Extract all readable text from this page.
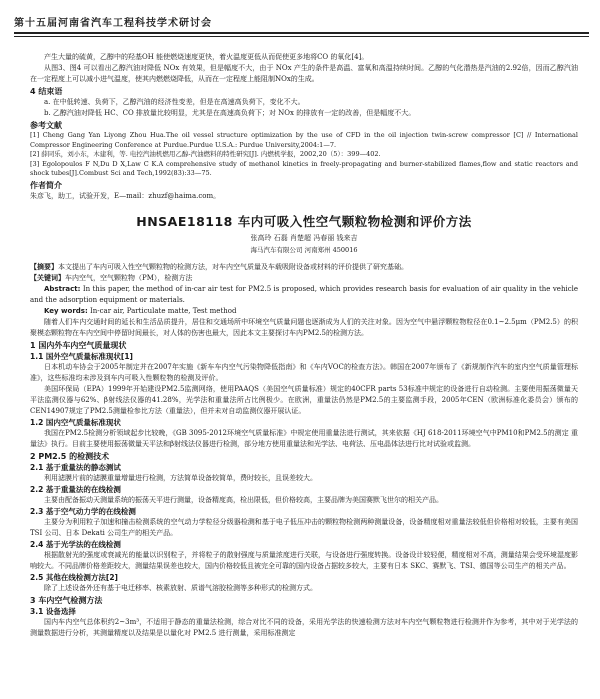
第十五届河南省汽车工程科技学术研讨会

产生大量的硫黄，乙醇中的羟基OH 能使燃烧速度更快，着火温度更低从而促使更多地将CO 的氧化[4]。

从图3、图4 可以看出乙醇汽油对降低 NOx 有效果，但是幅度不大，由于 NOx 产生的条件是高温、富氧和高温持续时间。乙醇的气化潜热是汽油的2.92倍，因而乙醇汽油在一定程度上可以减小进气温度，使其内燃燃烧降低，从而在一定程度上能阻制NOx的生成。

4 结束语

a. 在中低转速、负荷下，乙醇汽油的经济性变差，但是在高速高负荷下，变化不大。

b. 乙醇汽油对降低 HC、CO 排放量比较明显，尤其是在高速高负荷下；对 NOx 的排放有一定的改善，但是幅度不大。

参考文献

[1] Cheng Gang Yan Liyong Zhou Hua.The oil vessel structure optimization by the use of CFD in the oil injection twin-screw compressor [C] // International Compressor Engineering Conference at Purdue.Purdue U.S.A.: Purdue University,2004:1—7.

[2] 薛同乐，刘小东，木建利，等. 电控汽油机燃用乙醇-汽油燃料的特性研究[J]. 内燃机学报，2002,20（5）：399—402.

[3] Egolopoulos F N,Du D X,Law C K.A comprehensive study of methanol kinetics in freely-propagating and burner-stabilized flames,flow and static reactors and shock tubes[J].Combust Sci and Tech,1992(83):33—75.

作者简介

朱彦飞，助工，试验开发，E—mail：zhuzf@haima.com。

HNSAE18118 车内可吸入性空气颗粒物检测和评价方法
张高玲 石磊 肖楚超 冯春丽 钱来吉
海马汽车有限公司 河南郑州 450016

【摘要】本文提出了车内可吸入性空气颗粒物的检测方法，对车内空气质量及车载吸附设备或材料的评价提供了研究基础。

【关键词】车内空气，空气颗粒物（PM），检测方法

Abstract: In this paper, the method of in-car air test for PM2.5 is proposed, which provides research basis for evaluation of air quality in the vehicle and the adsorption equipment or materials.

Key words: In-car air, Particulate matte, Test method

随着人们车内交通时间的延长和生活品质提升，居住和交通场所中环境空气质量问题也逐渐成为人们的关注对象。因为空气中悬浮颗粒物粒径在0.1~2.5μm（PM2.5）的积聚模态颗粒物在车内空间中停留时间最长，对人体的伤害也最大，因此本文主要探讨车内PM2.5的检测方法。

1 国内外车内空气质量现状
1.1 国外空气质量标准现状[1]

日本机动车协会于2005年制定并在2007年实施《新车车内空气污染物降低指南》和《车内VOC的检查方法》。韩国在2007年颁布了《新规制作汽车的室内空气质量管理标准》，这些标准均未涉及到车内可吸入性颗粒物的检测及评价。

美国环保局（EPA）1999年开始建设PM2.5监测网络，使用PAAQS（美国空气质量标准）规定的40CFR parts 53标准中规定的设备进行自动检测。主要使用振荡微量天平法监测仪器与62%、β射线法仪器的41.28%，光学法和重量法所占比例极少。在欧洲，重量法仍然是PM2.5的主要监测手段，2005年CEN（欧洲标准化委员会）颁布的CEN14907规定了PM2.5测量检参比方法（重量法），但并未对自动监测仪器开展认证。

1.2 国内空气质量标准现状

我国在PM2.5检测分析领域起步比较晚，《GB 3095-2012环境空气质量标准》中规定使用重量法进行测试，其来依据《HJ 618-2011环境空气中PM10和PM2.5的测定 重量法》执行。目前主要使用振荡微量天平法和β射线法仪器进行检测，部分地方使用重量法和光学法、电荷法、压电晶体法进行比对试验或监测。

2 PM2.5 的检测技术
2.1 基于重量法的静态测试

利用滤膜片前的滤膜重量增量进行检测，方法简单设备较简单，费时较长，且误差较大。

2.2 基于重量法的在线检测

主要由配备振动天测量系统的振荡天平进行测量，设备精度高，检出限低，但价格较高，主要品牌为美国赛默飞世尔的相关产品。

2.3 基于空气动力学的在线检测

主要分为利用粒子加速和撞击检测系统的空气动力学粒径分级器检测和基于电子低压冲击的颗粒物检测两种测量设备，设备精度相对重量法较低但价格相对较低，主要有美国 TSI 公司、日本 Dekati 公司生产的相关产品。

2.4 基于光学法的在线检测

根据散射光的强度或衰减光的能量以识别粒子，并将粒子的散射强度与质量浓度进行关联，与设备进行强度转换。设备设计较轻便，精度相对不高，测量结果会受环境湿度影响较大。不同品牌价格差距较大，测量结果误差也较大，国内价格较低且被完全可靠的国内设备占据较多较大，主要有日本 SKC、赛默飞、TSI、德国等公司生产的相关产品。

2.5 其他在线检测方法[2]

除了上述设备外还有基于电迁移率、核素放射、质谱气溶胶检测等多种形式的检测方式。

3 车内空气检测方法
3.1 设备选择

国内车内空气总体积约2~3m³，不适用于静态的重量法检测，综合对比不同的设备，采用光学法的快速检测方法对车内空气颗粒物进行检测并作为参考，其中对于光学法的测量数据进行分析，其测量精度以及结果是以量化对 PM2.5 进行测量，采用标准测定
